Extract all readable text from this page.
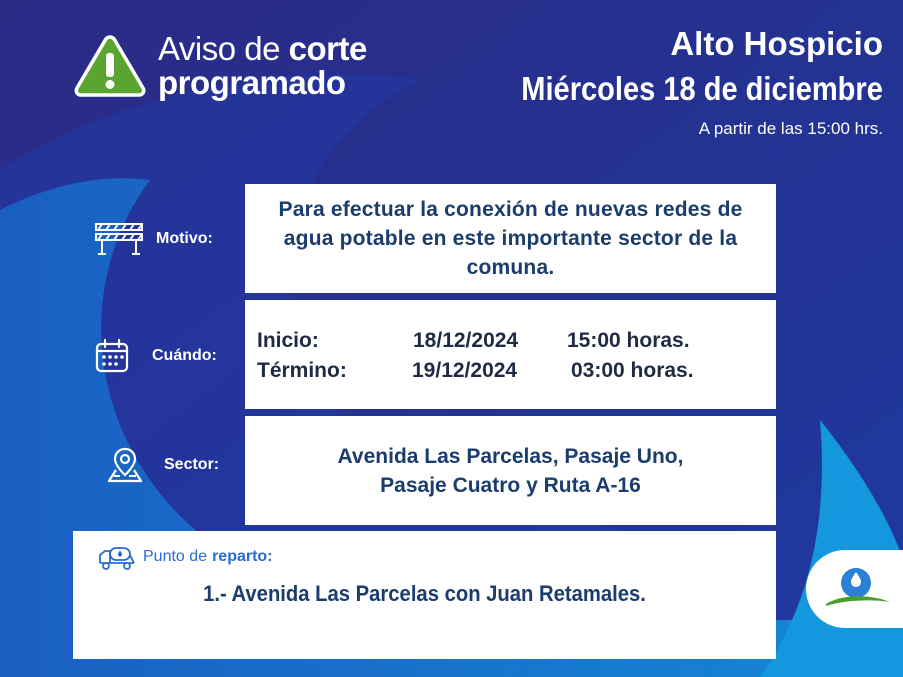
Aviso de corte
programado
Alto Hospicio
Miércoles 18 de diciembre
A partir de las 15:00 hrs.
Motivo:
Para efectuar la conexión de nuevas redes de agua potable en este importante sector de la comuna.
Cuándo:
Inicio:	18/12/2024 15:00 horas.
Término:	19/12/2024	03:00 horas.
Sector:	Avenida Las Parcelas, Pasaje Uno,
Pasaje Cuatro y Ruta A-16
Punto de reparto:
1.- Avenida Las Parcelas con Juan Retamales.
